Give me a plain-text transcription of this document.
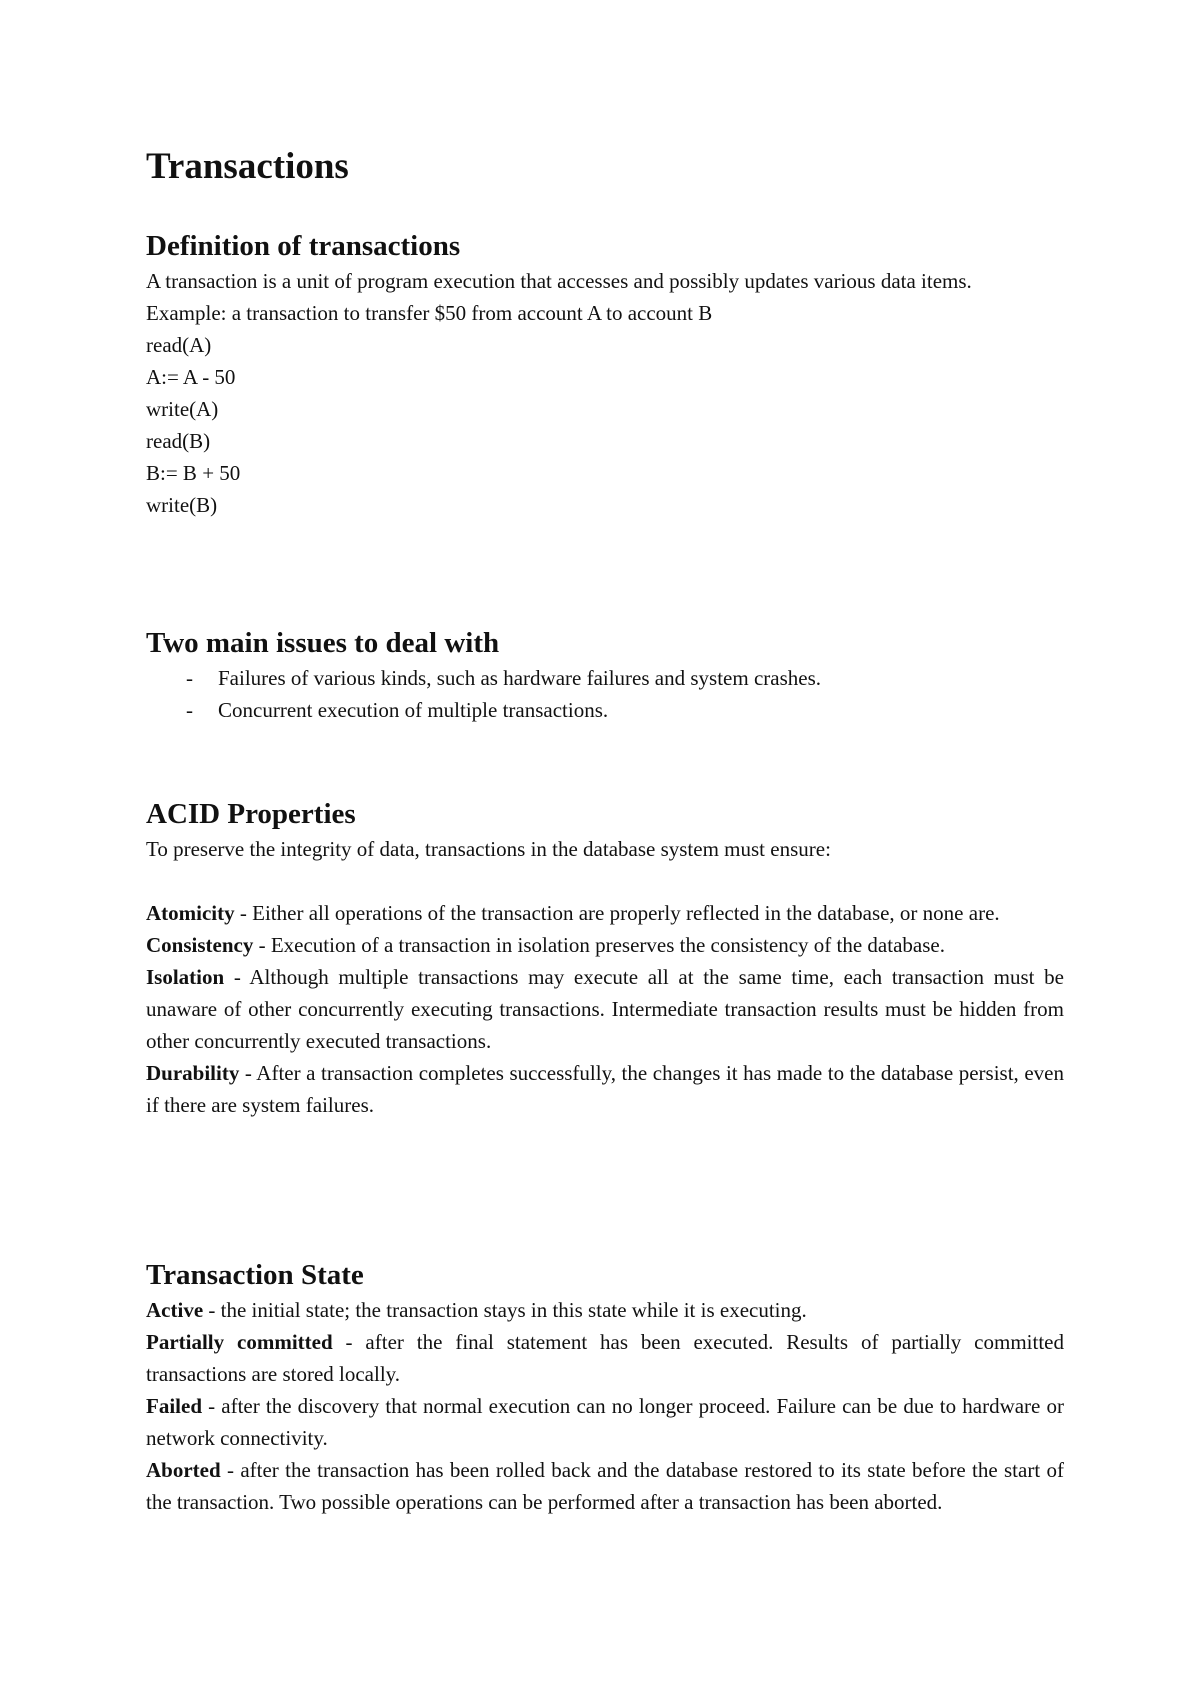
Transactions
Definition of transactions

A transaction is a unit of program execution that accesses and possibly updates various data items.

Example: a transaction to transfer $50 from account A to account B
read(A)
A:= A - 50
write(A)
read(B)
B:= B + 50
write(B)
Two main issues to deal with
- Failures of various kinds, such as hardware failures and system crashes.
- Concurrent execution of multiple transactions.
ACID Properties
To preserve the integrity of data, transactions in the database system must ensure:

Atomicity - Either all operations of the transaction are properly reflected in the database, or none are.

Consistency - Execution of a transaction in isolation preserves the consistency of the database.

Isolation - Although multiple transactions may execute all at the same time, each transaction must be unaware of other concurrently executing transactions. Intermediate transaction results must be hidden from other concurrently executed transactions.

Durability - After a transaction completes successfully, the changes it has made to the database persist, even if there are system failures.

Transaction State

Active - the initial state; the transaction stays in this state while it is executing.

Partially committed - after the final statement has been executed. Results of partially committed transactions are stored locally.

Failed - after the discovery that normal execution can no longer proceed. Failure can be due to hardware or network connectivity.

Aborted - after the transaction has been rolled back and the database restored to its state before the start of the transaction. Two possible operations can be performed after a transaction has been aborted.
